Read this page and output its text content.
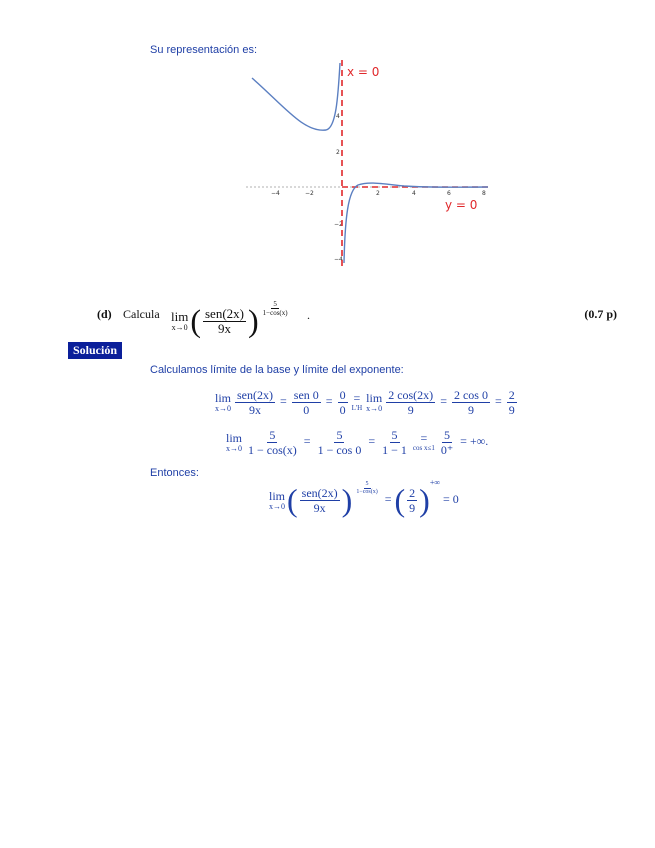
Su representación es:
−4	−2	2	4	6	8
4
2
−2
−4
x = 0
y = 0
(d) Calcula lim
x→0 ( $\frac{\text{sen(2x)}}{9x}$ ) $\frac{5}{1-\cos(x)}$ .	(0.7 p)
Solución
Calculamos límite de la base y límite del exponente:
lim
$x\to 0 \frac{\text{sen(2x)}}{9x} = \frac{\text{sen 0}}{0} = \frac{0}{0}$ =
L'H
lim
$x\to 0 \frac{2 \cos(2x)}{9} = \frac{2 \cos 0}{9} = \frac{2}{9}$
lim
$x\to 0 \frac{5}{1 - \cos(x)} = \frac{5}{1 - \cos 0} = \frac{5}{1 - 1}$ =
$\cos x\le 1 \frac{5}{0^+}$ = +∞.
Entonces:
lim
x→0 ( $\frac{\text{sen(2x)}}{9x}$ ) $\frac{5}{1-\cos(x)}$
=( $\frac{2}{9} )^{+\infty}= 0$
